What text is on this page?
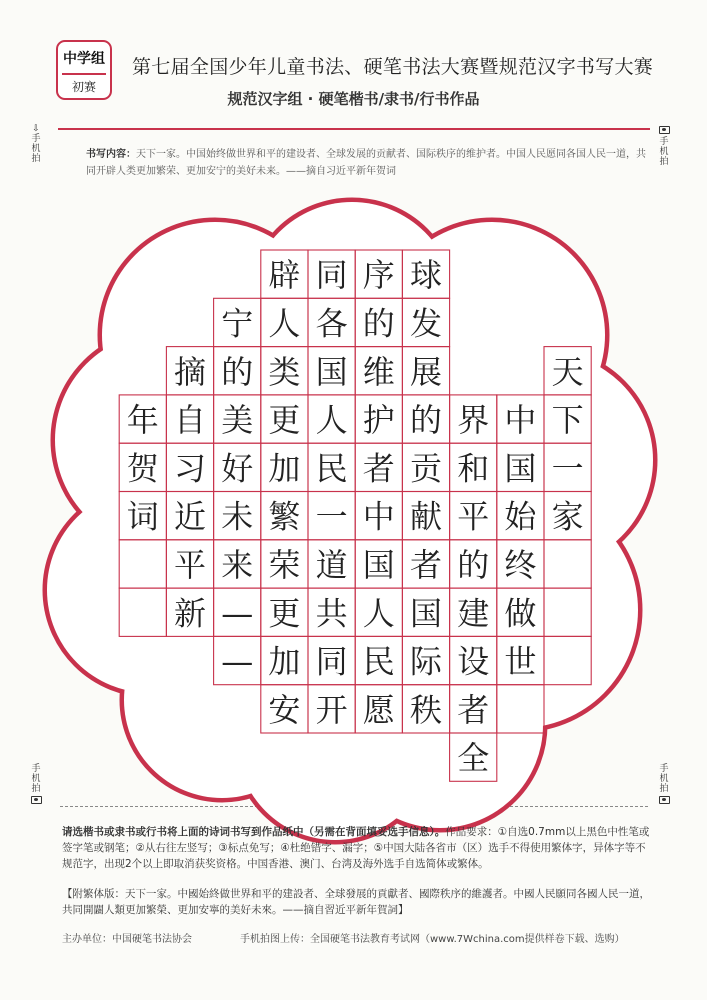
中学组
初赛
第七届全国少年儿童书法、硬笔书法大赛暨规范汉字书写大赛
规范汉字组 · 硬笔楷书/隶书/行书作品
⇩
手机拍
手机拍
手机拍
手机拍
书写内容：天下一家。中国始终做世界和平的建设者、全球发展的贡献者、国际秩序的维护者。中国人民愿同各国人民一道，共同开辟人类更加繁荣、更加安宁的美好未来。——摘自习近平新年贺词
天
下
一
家
中
国
始
终
做
世
界
和
平
的
建
设
者
全
球
发
展
的
贡
献
者
国
际
秩
序
的
维
护
者
中
国
人
民
愿
同
各
国
人
民
一
道
共
同
开
辟
人
类
更
加
繁
荣
更
加
安
宁
的
美
好
未
来
—
—
摘
自
习
近
平
新
年
贺
词
请选楷书或隶书或行书将上面的诗词书写到作品纸中（另需在背面填妥选手信息）。作品要求：①自选0.7mm以上黑色中性笔或签字笔或钢笔；②从右往左竖写；③标点免写；④杜绝错字、漏字；⑤中国大陆各省市（区）选手不得使用繁体字，异体字等不规范字，出现2个以上即取消获奖资格。中国香港、澳门、台湾及海外选手自选简体或繁体。
【附繁体版：天下一家。中國始終做世界和平的建設者、全球發展的貢獻者、國際秩序的維護者。中國人民願同各國人民一道，共同開闢人類更加繁榮、更加安寧的美好未來。——摘自習近平新年賀詞】
主办单位：中国硬笔书法协会	手机拍图上传：全国硬笔书法教育考试网（www.7Wchina.com提供样卷下载、选购）
